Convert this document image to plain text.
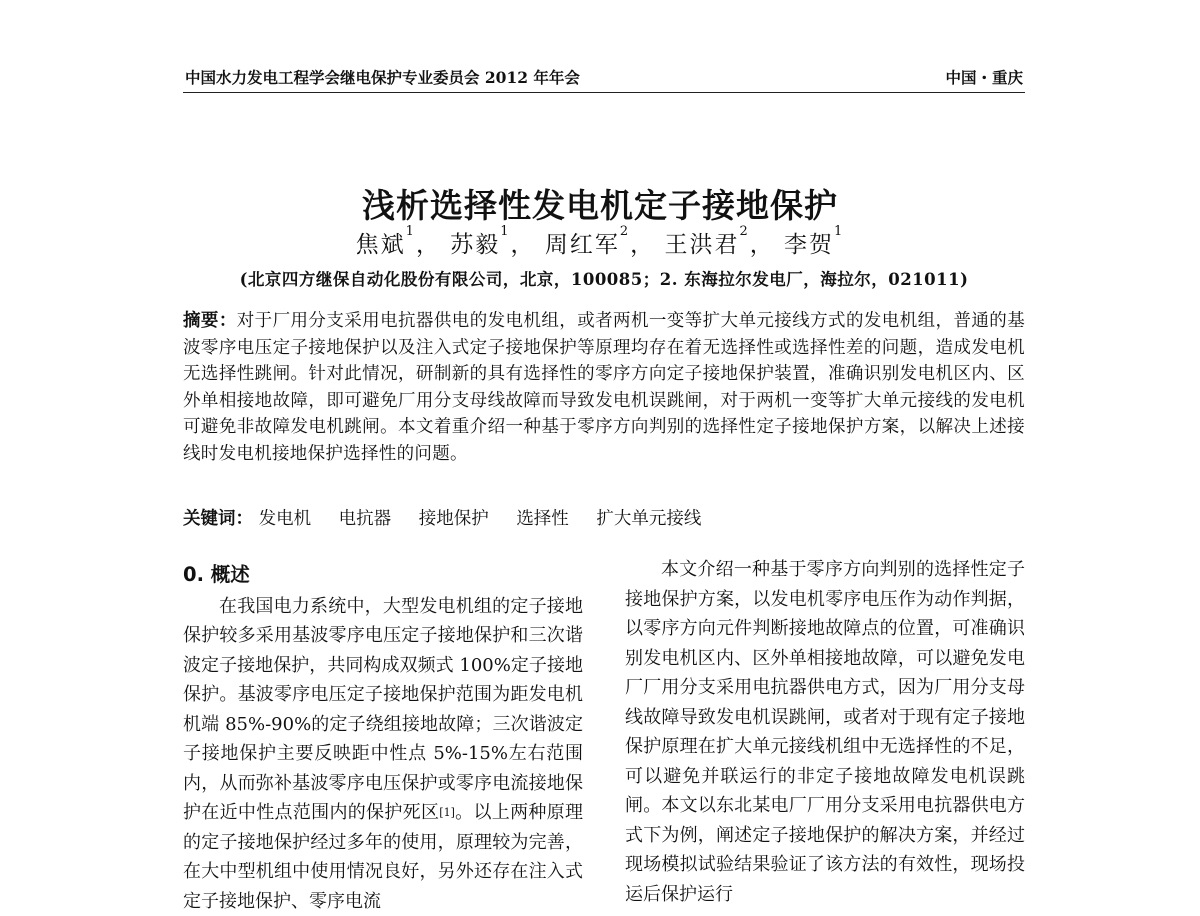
中国水力发电工程学会继电保护专业委员会 2012 年年会	中国・重庆
浅析选择性发电机定子接地保护
焦斌$^1$， 苏毅$^1$， 周红军$^2$， 王洪君$^2$， 李贺$^1$
(北京四方继保自动化股份有限公司，北京，100085；2. 东海拉尔发电厂，海拉尔，021011)
摘要：对于厂用分支采用电抗器供电的发电机组，或者两机一变等扩大单元接线方式的发电机组，普通的基波零序电压定子接地保护以及注入式定子接地保护等原理均存在着无选择性或选择性差的问题，造成发电机无选择性跳闸。针对此情况，研制新的具有选择性的零序方向定子接地保护装置，准确识别发电机区内、区外单相接地故障，即可避免厂用分支母线故障而导致发电机误跳闸，对于两机一变等扩大单元接线的发电机可避免非故障发电机跳闸。本文着重介绍一种基于零序方向判别的选择性定子接地保护方案，以解决上述接线时发电机接地保护选择性的问题。
关键词： 发电机 电抗器 接地保护 选择性 扩大单元接线
0. 概述

在我国电力系统中，大型发电机组的定子接地保护较多采用基波零序电压定子接地保护和三次谐波定子接地保护，共同构成双频式 100%定子接地保护。基波零序电压定子接地保护范围为距发电机机端 85%-90%的定子绕组接地故障；三次谐波定子接地保护主要反映距中性点 5%-15%左右范围内，从而弥补基波零序电压保护或零序电流接地保护在近中性点范围内的保护死区[1]。以上两种原理的定子接地保护经过多年的使用，原理较为完善，在大中型机组中使用情况良好，另外还存在注入式定子接地保护、零序电流

本文介绍一种基于零序方向判别的选择性定子接地保护方案，以发电机零序电压作为动作判据，以零序方向元件判断接地故障点的位置，可准确识别发电机区内、区外单相接地故障，可以避免发电厂厂用分支采用电抗器供电方式，因为厂用分支母线故障导致发电机误跳闸，或者对于现有定子接地保护原理在扩大单元接线机组中无选择性的不足，可以避免并联运行的非定子接地故障发电机误跳闸。本文以东北某电厂厂用分支采用电抗器供电方式下为例，阐述定子接地保护的解决方案，并经过现场模拟试验结果验证了该方法的有效性，现场投运后保护运行
